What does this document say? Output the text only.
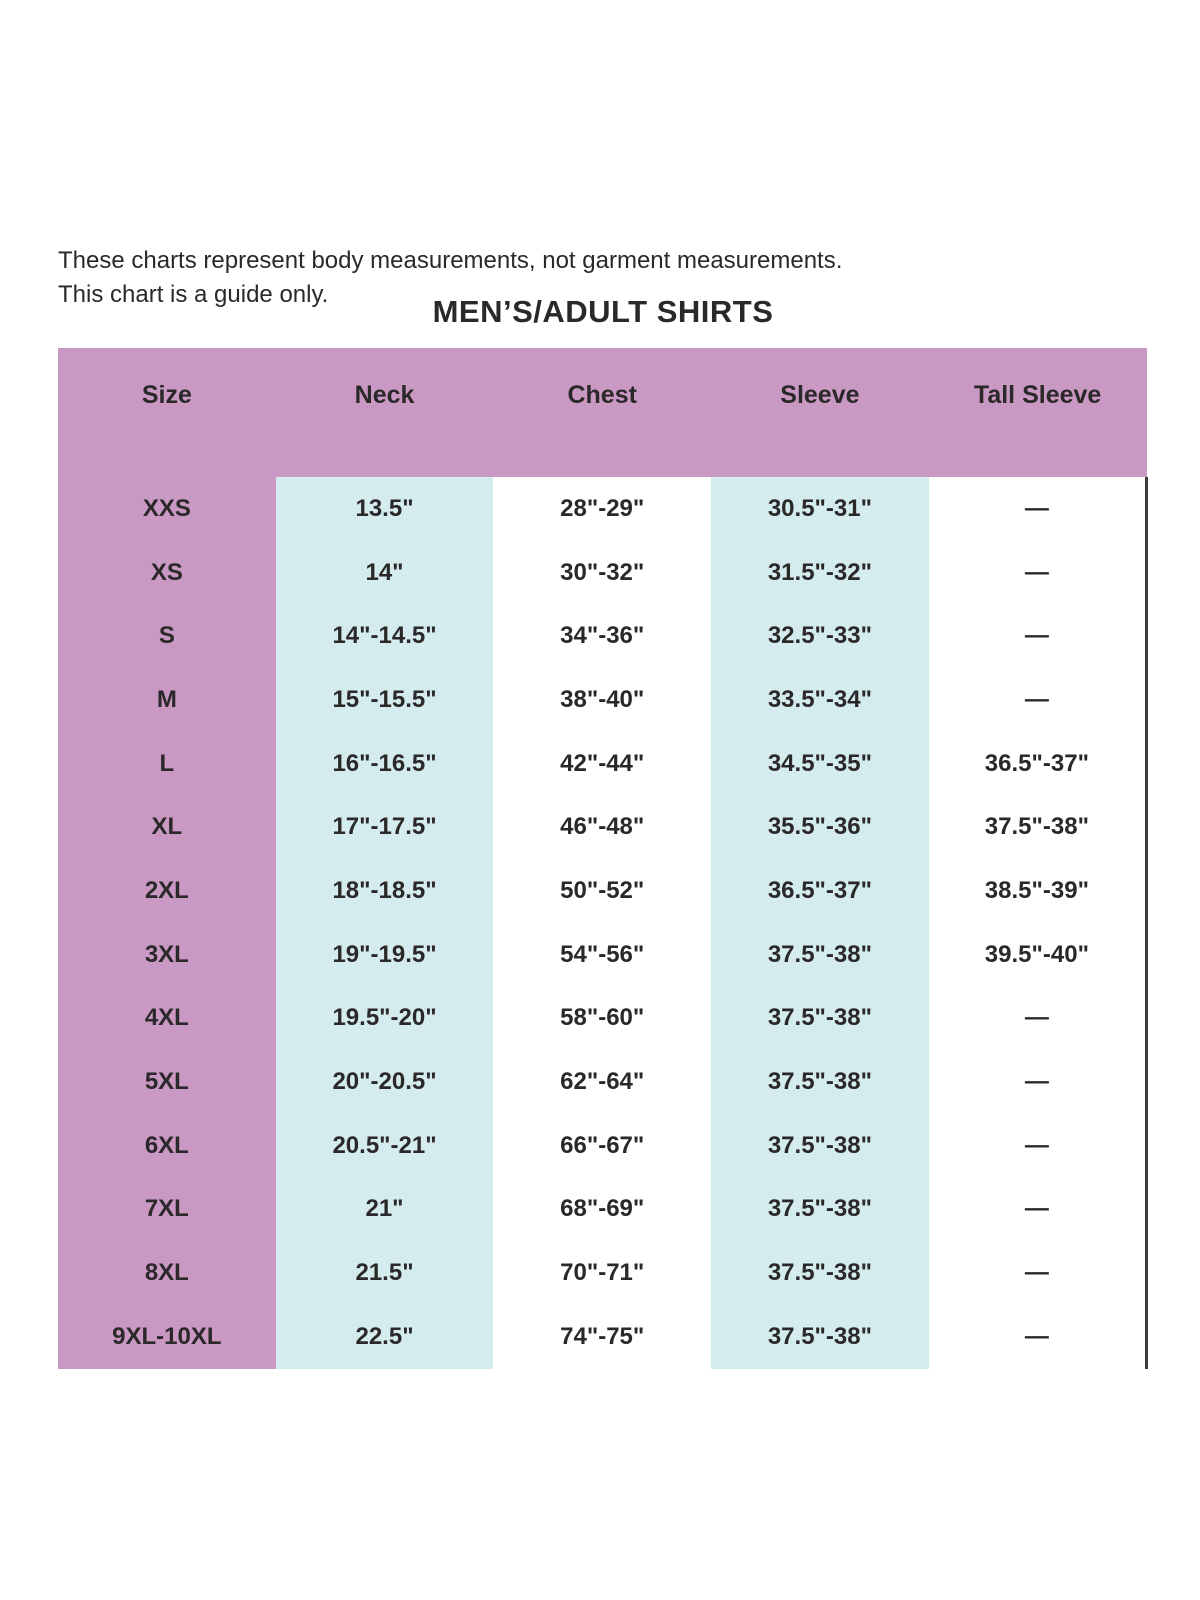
These charts represent body measurements, not garment measurements.
This chart is a guide only.	MEN’S/ADULT SHIRTS
Size	Neck	Chest	Sleeve	Tall Sleeve
XXS	13.5"	28"-29"	30.5"-31"	—
XS	14"	30"-32"	31.5"-32"	—
S	14"-14.5"	34"-36"	32.5"-33"	—
M	15"-15.5"	38"-40"	33.5"-34"	—
L	16"-16.5"	42"-44"	34.5"-35"	36.5"-37"
XL	17"-17.5"	46"-48"	35.5"-36"	37.5"-38"
2XL	18"-18.5"	50"-52"	36.5"-37"	38.5"-39"
3XL	19"-19.5"	54"-56"	37.5"-38"	39.5"-40"
4XL	19.5"-20"	58"-60"	37.5"-38"	—
5XL	20"-20.5"	62"-64"	37.5"-38"	—
6XL	20.5"-21"	66"-67"	37.5"-38"	—
7XL	21"	68"-69"	37.5"-38"	—
8XL	21.5"	70"-71"	37.5"-38"	—
9XL-10XL	22.5"	74"-75"	37.5"-38"	—
